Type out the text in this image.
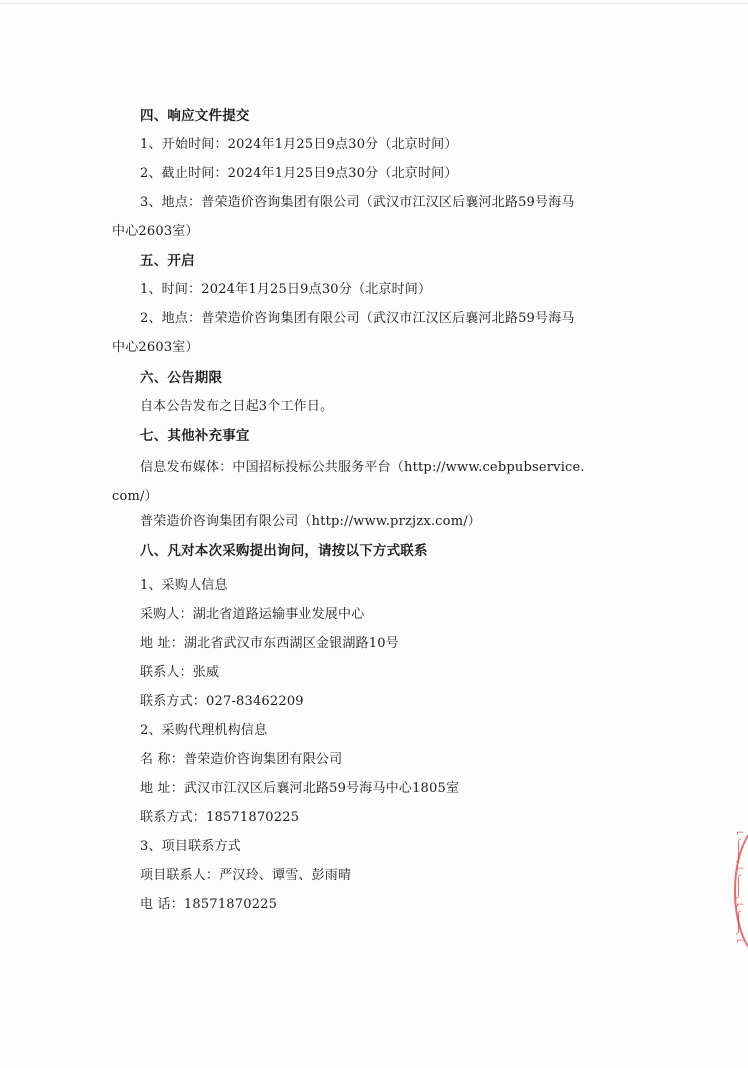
四、响应文件提交
1、开始时间：2024年1月25日9点30分（北京时间）
2、截止时间：2024年1月25日9点30分（北京时间）
3、地点：普荣造价咨询集团有限公司（武汉市江汉区后襄河北路59号海马
中心2603室）
五、开启
1、时间：2024年1月25日9点30分（北京时间）
2、地点：普荣造价咨询集团有限公司（武汉市江汉区后襄河北路59号海马
中心2603室）
六、公告期限
自本公告发布之日起3个工作日。
七、其他补充事宜
信息发布媒体：中国招标投标公共服务平台（http://www.cebpubservice.
com/）
普荣造价咨询集团有限公司（http://www.przjzx.com/）
八、凡对本次采购提出询问，请按以下方式联系
1、采购人信息
采购人：湖北省道路运输事业发展中心
地 址：湖北省武汉市东西湖区金银湖路10号
联系人：张威
联系方式：027-83462209
2、采购代理机构信息
名 称：普荣造价咨询集团有限公司
地 址：武汉市江汉区后襄河北路59号海马中心1805室
联系方式：18571870225
3、项目联系方式
项目联系人：严汉玲、谭雪、彭雨晴
电 话：18571870225
⌐
⌠
⌡
⌐
⌠
⌡
⌐
⌠
⌡
⌐
